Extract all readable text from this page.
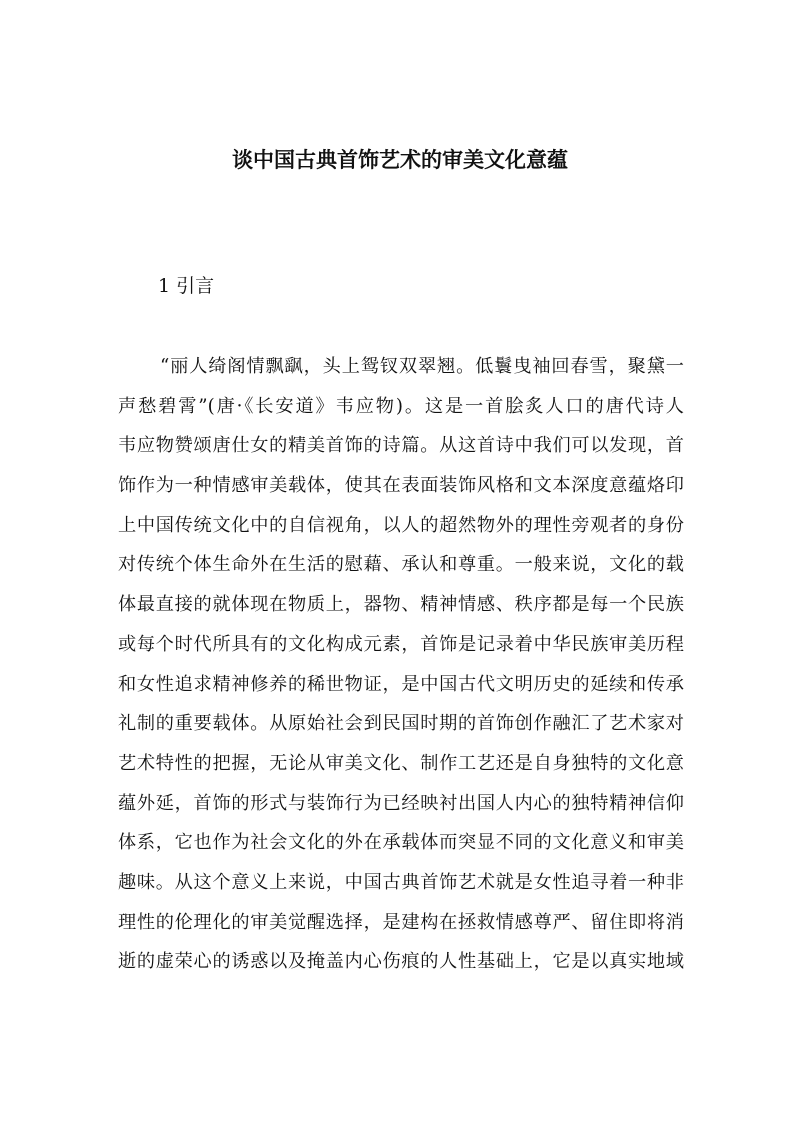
谈中国古典首饰艺术的审美文化意蕴
1 引言
“丽人绮阁情飘飖，头上鸳钗双翠翘。低鬟曳袖回春雪，聚黛一
声愁碧霄”(唐·《长安道》韦应物)。这是一首脍炙人口的唐代诗人
韦应物赞颂唐仕女的精美首饰的诗篇。从这首诗中我们可以发现，首
饰作为一种情感审美载体，使其在表面装饰风格和文本深度意蕴烙印
上中国传统文化中的自信视角，以人的超然物外的理性旁观者的身份
对传统个体生命外在生活的慰藉、承认和尊重。一般来说，文化的载
体最直接的就体现在物质上，器物、精神情感、秩序都是每一个民族
或每个时代所具有的文化构成元素，首饰是记录着中华民族审美历程
和女性追求精神修养的稀世物证，是中国古代文明历史的延续和传承
礼制的重要载体。从原始社会到民国时期的首饰创作融汇了艺术家对
艺术特性的把握，无论从审美文化、制作工艺还是自身独特的文化意
蕴外延，首饰的形式与装饰行为已经映衬出国人内心的独特精神信仰
体系，它也作为社会文化的外在承载体而突显不同的文化意义和审美
趣味。从这个意义上来说，中国古典首饰艺术就是女性追寻着一种非
理性的伦理化的审美觉醒选择，是建构在拯救情感尊严、留住即将消
逝的虚荣心的诱惑以及掩盖内心伤痕的人性基础上，它是以真实地域
